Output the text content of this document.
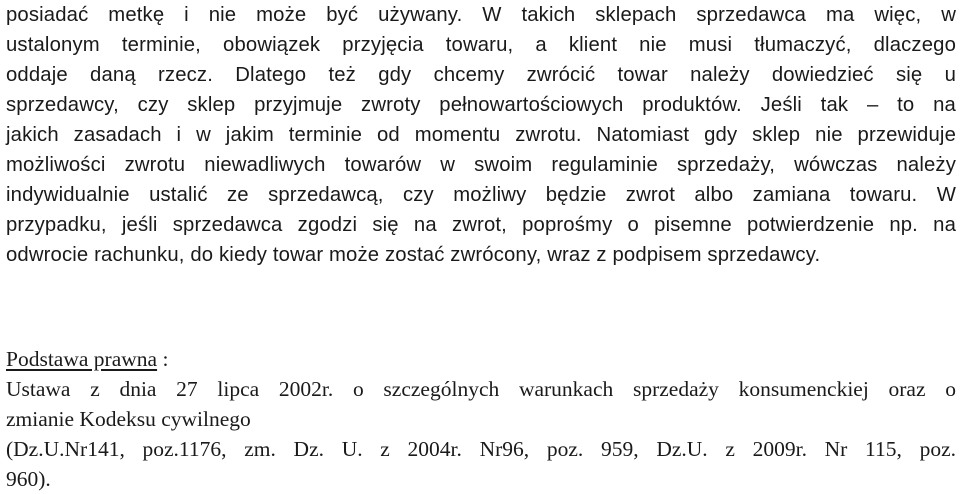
posiadać metkę i nie może być używany. W takich sklepach sprzedawca ma więc, w
ustalonym terminie, obowiązek przyjęcia towaru, a klient nie musi tłumaczyć, dlaczego
oddaje daną rzecz. Dlatego też gdy chcemy zwrócić towar należy dowiedzieć się u
sprzedawcy, czy sklep przyjmuje zwroty pełnowartościowych produktów. Jeśli tak – to na
jakich zasadach i w jakim terminie od momentu zwrotu. Natomiast gdy sklep nie przewiduje
możliwości zwrotu niewadliwych towarów w swoim regulaminie sprzedaży, wówczas należy
indywidualnie ustalić ze sprzedawcą, czy możliwy będzie zwrot albo zamiana towaru. W
przypadku, jeśli sprzedawca zgodzi się na zwrot, poprośmy o pisemne potwierdzenie np. na
odwrocie rachunku, do kiedy towar może zostać zwrócony, wraz z podpisem sprzedawcy.
Podstawa prawna :
Ustawa z dnia 27 lipca 2002r. o szczególnych warunkach sprzedaży konsumenckiej oraz o
zmianie Kodeksu cywilnego
(Dz.U.Nr141, poz.1176, zm. Dz. U. z 2004r. Nr96, poz. 959, Dz.U. z 2009r. Nr 115, poz.
960).
